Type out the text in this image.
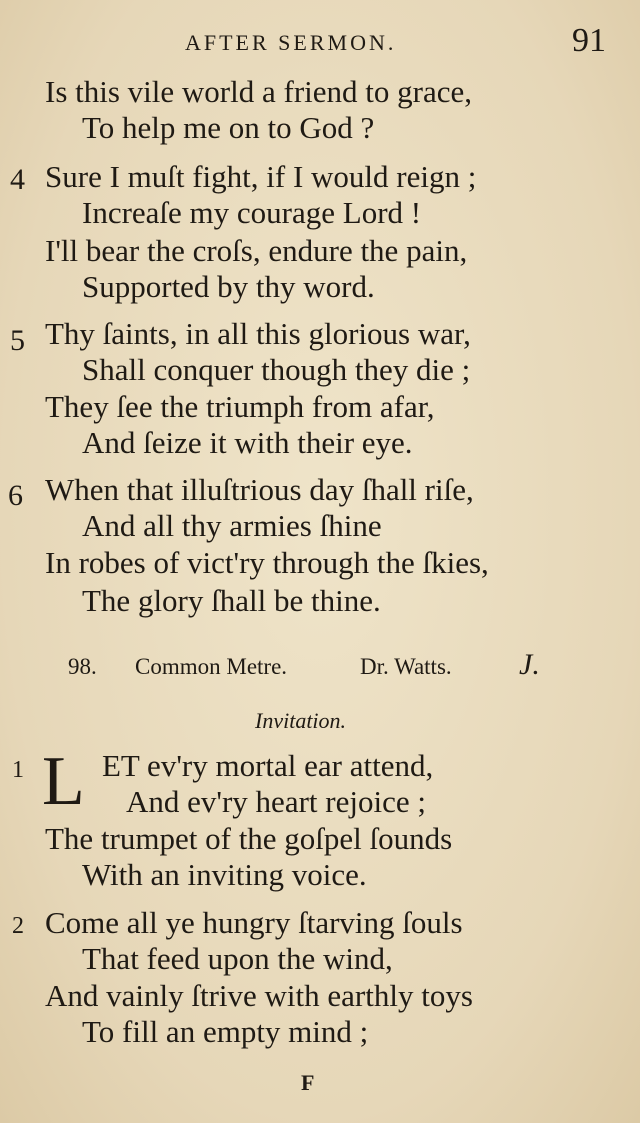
AFTER SERMON.	91
Is this vile world a friend to grace,
To help me on to God ?
4 Sure I muſt fight, if I would reign ;
Increaſe my courage Lord !
I'll bear the croſs, endure the pain,
Supported by thy word.
5 Thy ſaints, in all this glorious war,
Shall conquer though they die ;
They ſee the triumph from afar,
And ſeize it with their eye.
6 When that illuſtrious day ſhall riſe,
And all thy armies ſhine
In robes of vict'ry through the ſkies,
The glory ſhall be thine.
98. Common Metre.	Dr. Watts. J.
Invitation.
1 L ET ev'ry mortal ear attend,
And ev'ry heart rejoice ;
The trumpet of the goſpel ſounds
With an inviting voice.
2 Come all ye hungry ſtarving ſouls
That feed upon the wind,
And vainly ſtrive with earthly toys
To fill an empty mind ;
F
